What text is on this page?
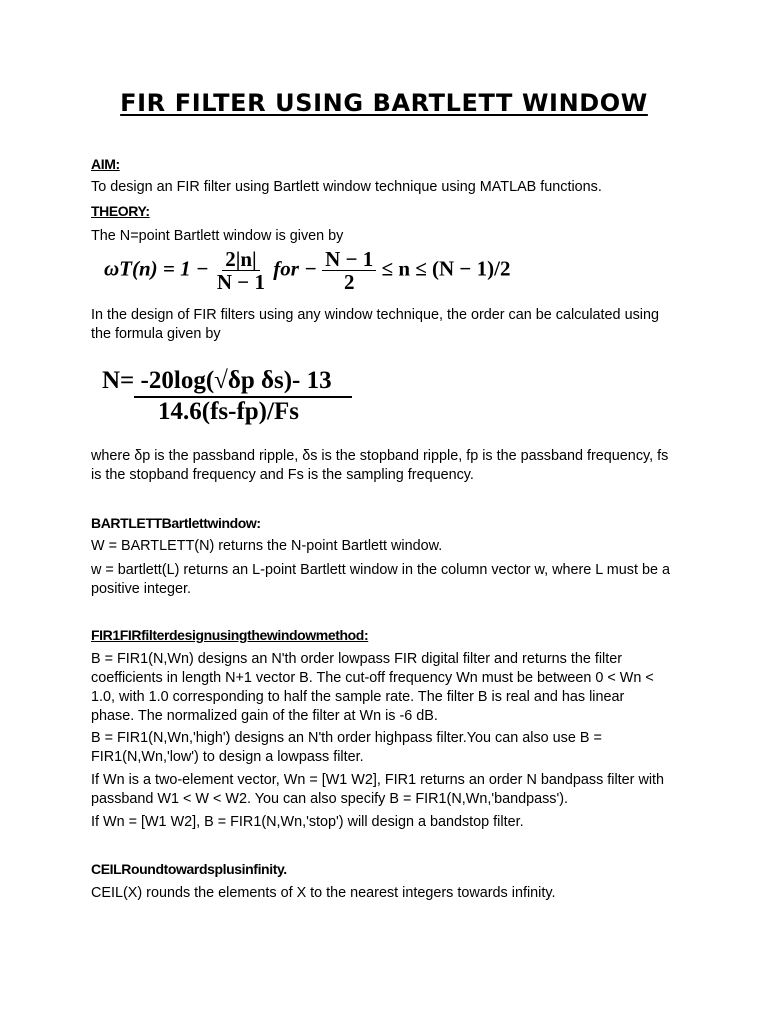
FIR FILTER USING BARTLETT WINDOW
AIM:
To design an FIR filter using Bartlett window technique using MATLAB functions.
THEORY:
The N=point Bartlett window is given by
$\omega T(n) = 1 - \frac{2|n|}{N - 1}$ for − $\frac{N - 1}{2} \le n \le (N - 1)/2$
In the design of FIR filters using any window technique, the order can be calculated using the formula given by
N= -20log(√δp δs)- 13
14.6(fs-fp)/Fs
where δp is the passband ripple, δs is the stopband ripple, fp is the passband frequency, fs is the stopband frequency and Fs is the sampling frequency.
BARTLETTBartlettwindow:
W = BARTLETT(N) returns the N-point Bartlett window.
w = bartlett(L) returns an L-point Bartlett window in the column vector w, where L must be a positive integer.
FIR1FIRfilterdesignusingthewindowmethod:
B = FIR1(N,Wn) designs an N'th order lowpass FIR digital filter and returns the filter coefficients in length N+1 vector B. The cut-off frequency Wn must be between 0 < Wn < 1.0, with 1.0 corresponding to half the sample rate. The filter B is real and has linear phase. The normalized gain of the filter at Wn is -6 dB.
B = FIR1(N,Wn,'high') designs an N'th order highpass filter.You can also use B = FIR1(N,Wn,'low') to design a lowpass filter.
If Wn is a two-element vector, Wn = [W1 W2], FIR1 returns an order N bandpass filter with passband W1 < W < W2. You can also specify B = FIR1(N,Wn,'bandpass').
If Wn = [W1 W2], B = FIR1(N,Wn,'stop') will design a bandstop filter.
CEILRoundtowardsplusinfinity.
CEIL(X) rounds the elements of X to the nearest integers towards infinity.
